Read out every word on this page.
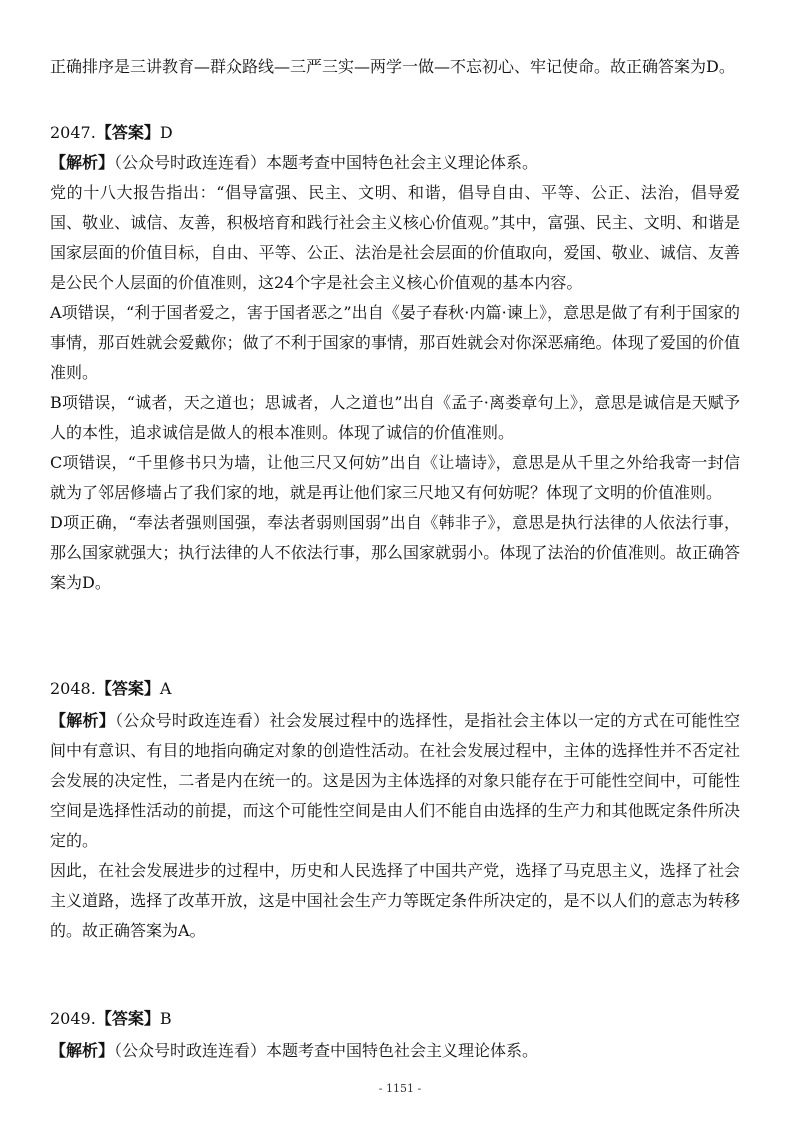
正确排序是三讲教育—群众路线—三严三实—两学一做—不忘初心、牢记使命。故正确答案为D。

2047.【答案】D

【解析】（公众号时政连连看）本题考查中国特色社会主义理论体系。

党的十八大报告指出：“倡导富强、民主、文明、和谐，倡导自由、平等、公正、法治，倡导爱国、敬业、诚信、友善，积极培育和践行社会主义核心价值观。”其中，富强、民主、文明、和谐是国家层面的价值目标，自由、平等、公正、法治是社会层面的价值取向，爱国、敬业、诚信、友善是公民个人层面的价值准则，这24个字是社会主义核心价值观的基本内容。

A项错误，“利于国者爱之，害于国者恶之”出自《晏子春秋·内篇·谏上》，意思是做了有利于国家的事情，那百姓就会爱戴你；做了不利于国家的事情，那百姓就会对你深恶痛绝。体现了爱国的价值准则。

B项错误，“诚者，天之道也；思诚者，人之道也”出自《孟子·离娄章句上》，意思是诚信是天赋予人的本性，追求诚信是做人的根本准则。体现了诚信的价值准则。

C项错误，“千里修书只为墙，让他三尺又何妨”出自《让墙诗》，意思是从千里之外给我寄一封信就为了邻居修墙占了我们家的地，就是再让他们家三尺地又有何妨呢？体现了文明的价值准则。

D项正确，“奉法者强则国强，奉法者弱则国弱”出自《韩非子》，意思是执行法律的人依法行事，那么国家就强大；执行法律的人不依法行事，那么国家就弱小。体现了法治的价值准则。故正确答案为D。

2048.【答案】A

【解析】（公众号时政连连看）社会发展过程中的选择性，是指社会主体以一定的方式在可能性空间中有意识、有目的地指向确定对象的创造性活动。在社会发展过程中，主体的选择性并不否定社会发展的决定性，二者是内在统一的。这是因为主体选择的对象只能存在于可能性空间中，可能性空间是选择性活动的前提，而这个可能性空间是由人们不能自由选择的生产力和其他既定条件所决定的。

因此，在社会发展进步的过程中，历史和人民选择了中国共产党，选择了马克思主义，选择了社会主义道路，选择了改革开放，这是中国社会生产力等既定条件所决定的，是不以人们的意志为转移的。故正确答案为A。

2049.【答案】B

【解析】（公众号时政连连看）本题考查中国特色社会主义理论体系。

- 1151 -
